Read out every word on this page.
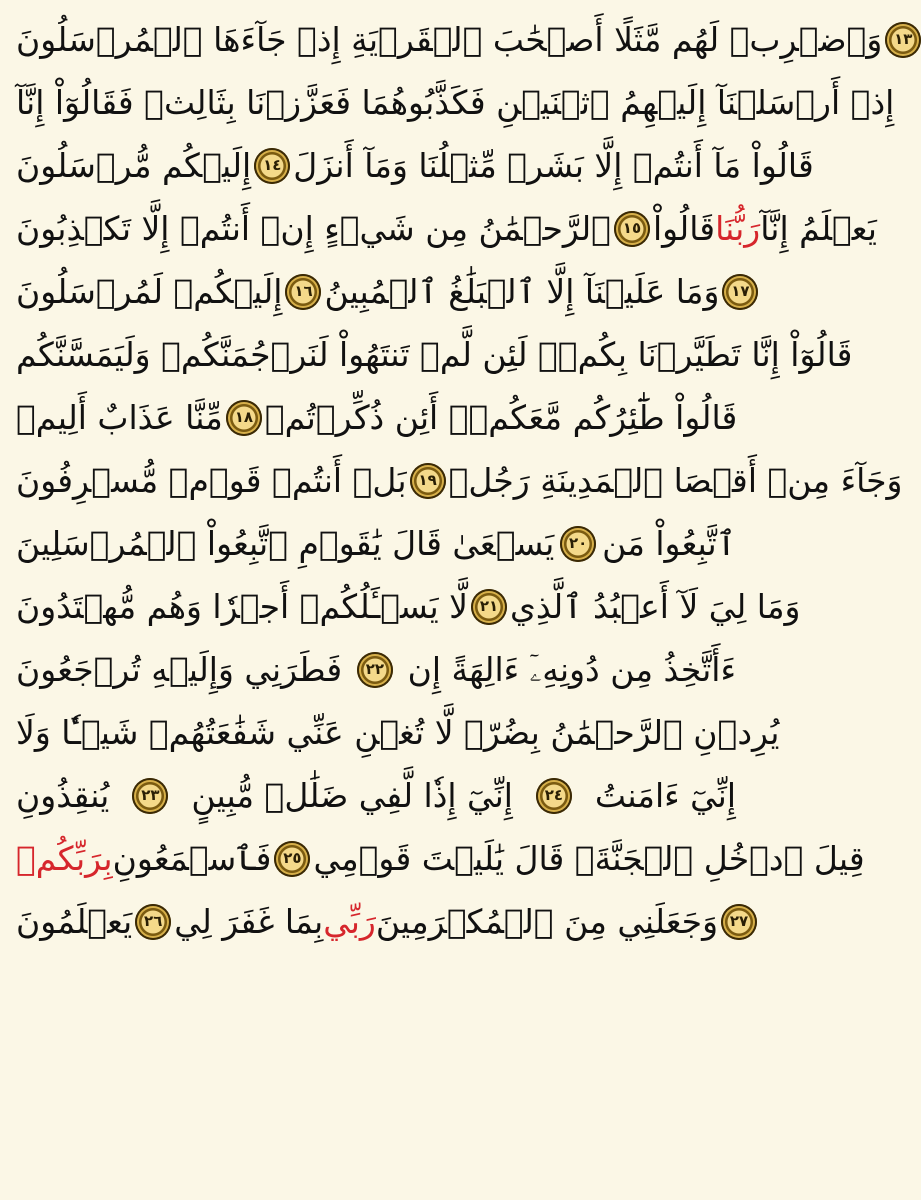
وَٱضۡرِبۡ لَهُم مَّثَلًا أَصۡحَٰبَ ٱلۡقَرۡيَةِ إِذۡ جَآءَهَا ٱلۡمُرۡسَلُونَ ١٣
إِذۡ أَرۡسَلۡنَآ إِلَيۡهِمُ ٱثۡنَيۡنِ فَكَذَّبُوهُمَا فَعَزَّزۡنَا بِثَالِثٖ فَقَالُوٓاْ إِنَّآ
إِلَيۡكُم مُّرۡسَلُونَ ١٤ قَالُواْ مَآ أَنتُمۡ إِلَّا بَشَرٞ مِّثۡلُنَا وَمَآ أَنزَلَ
ٱلرَّحۡمَٰنُ مِن شَيۡءٍ إِنۡ أَنتُمۡ إِلَّا تَكۡذِبُونَ ١٥ قَالُواْ رَبُّنَا يَعۡلَمُ إِنَّآ
إِلَيۡكُمۡ لَمُرۡسَلُونَ ١٦ وَمَا عَلَيۡنَآ إِلَّا ٱلۡبَلَٰغُ ٱلۡمُبِينُ ١٧
قَالُوٓاْ إِنَّا تَطَيَّرۡنَا بِكُمۡۖ لَئِن لَّمۡ تَنتَهُواْ لَنَرۡجُمَنَّكُمۡ وَلَيَمَسَّنَّكُم
مِّنَّا عَذَابٌ أَلِيمٞ ١٨ قَالُواْ طَٰٓئِرُكُم مَّعَكُمۡۚ أَئِن ذُكِّرۡتُمۚ
بَلۡ أَنتُمۡ قَوۡمٞ مُّسۡرِفُونَ ١٩ وَجَآءَ مِنۡ أَقۡصَا ٱلۡمَدِينَةِ رَجُلٞ
يَسۡعَىٰ قَالَ يَٰقَوۡمِ ٱتَّبِعُواْ ٱلۡمُرۡسَلِينَ ٢٠ ٱتَّبِعُواْ مَن
لَّا يَسۡـَٔلُكُمۡ أَجۡرٗا وَهُم مُّهۡتَدُونَ ٢١ وَمَا لِيَ لَآ أَعۡبُدُ ٱلَّذِي
فَطَرَنِي وَإِلَيۡهِ تُرۡجَعُونَ ٢٢ ءَأَتَّخِذُ مِن دُونِهِۦٓ ءَالِهَةً إِن
يُرِدۡنِ ٱلرَّحۡمَٰنُ بِضُرّٖ لَّا تُغۡنِ عَنِّي شَفَٰعَتُهُمۡ شَيۡـٔٗا وَلَا
يُنقِذُونِ ٢٣ إِنِّيٓ إِذٗا لَّفِي ضَلَٰلٖ مُّبِينٍ ٢٤ إِنِّيٓ ءَامَنتُ
بِرَبِّكُمۡ فَٱسۡمَعُونِ ٢٥ قِيلَ ٱدۡخُلِ ٱلۡجَنَّةَۖ قَالَ يَٰلَيۡتَ قَوۡمِي
يَعۡلَمُونَ ٢٦ بِمَا غَفَرَ لِي رَبِّي وَجَعَلَنِي مِنَ ٱلۡمُكۡرَمِينَ ٢٧
